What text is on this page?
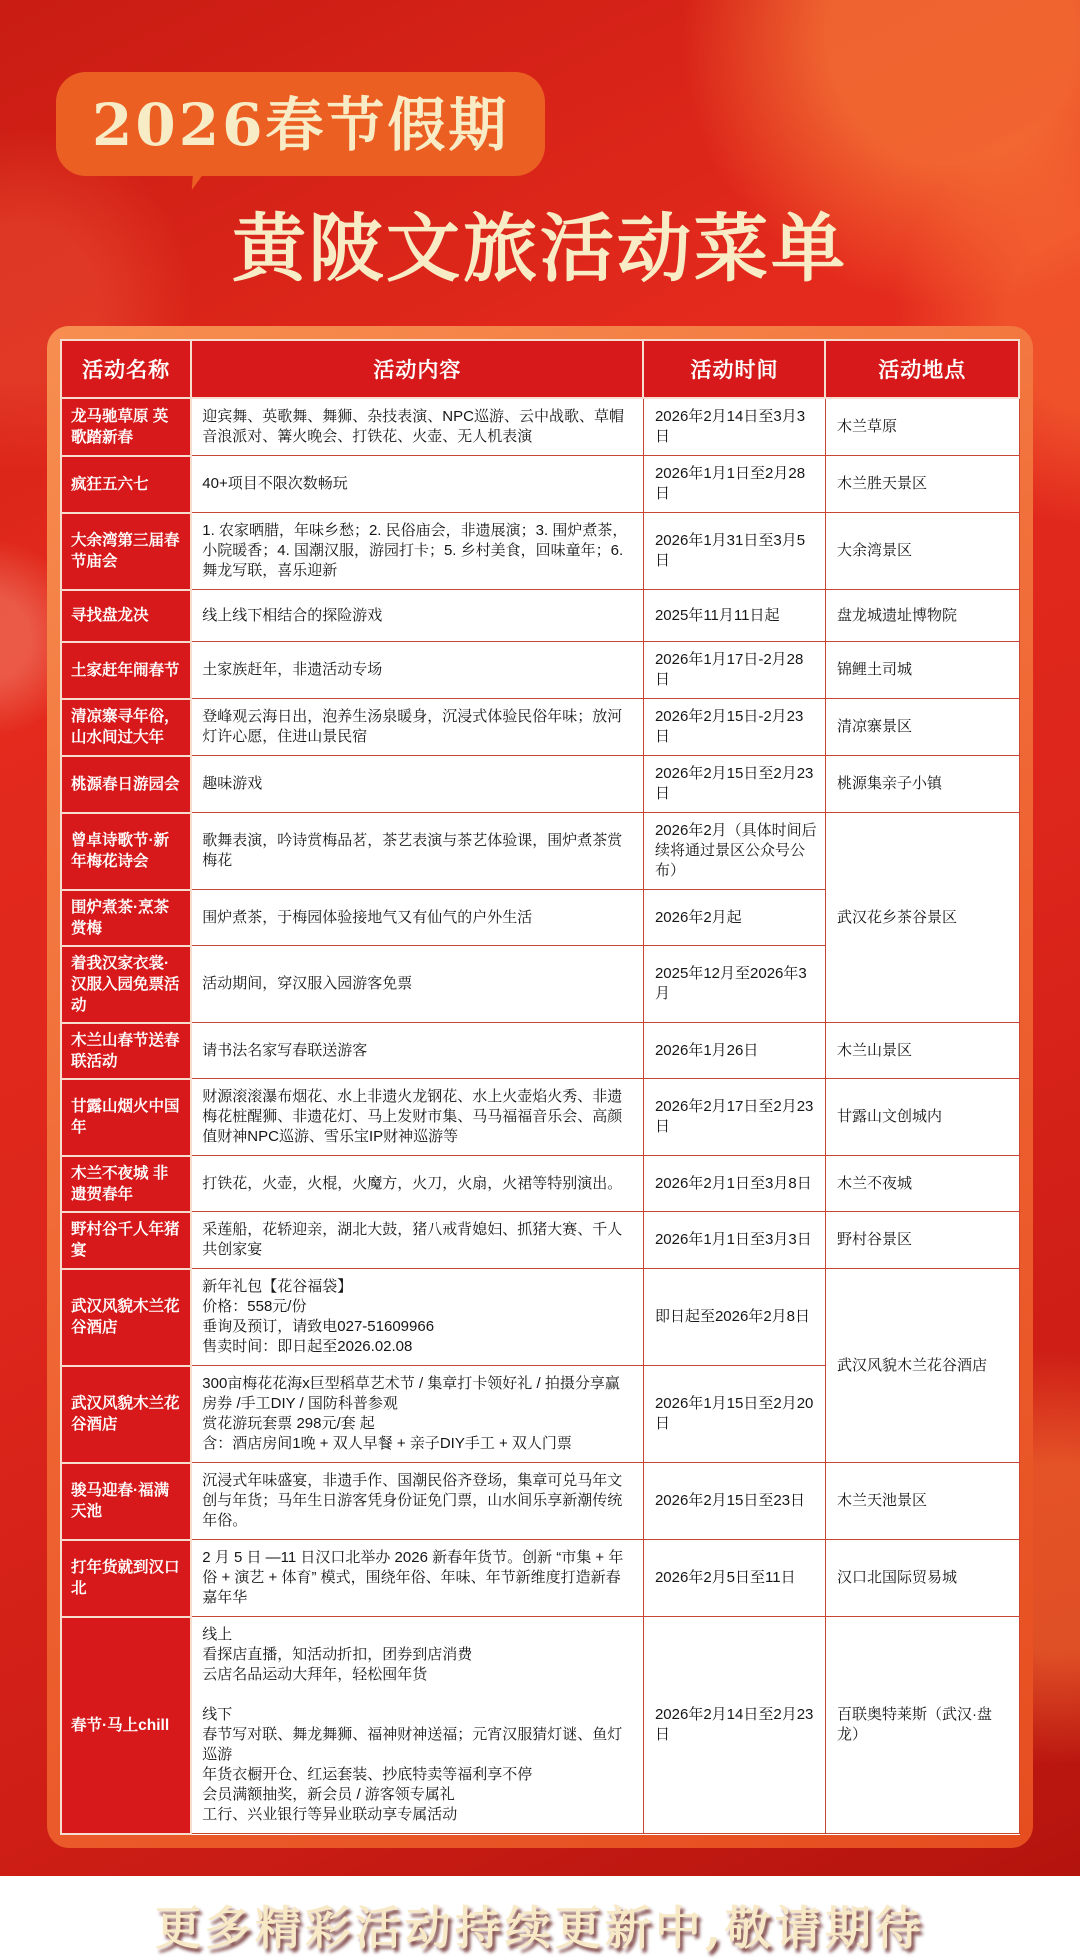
2026春节假期
黄陂文旅活动菜单
活动名称	活动内容	活动时间	活动地点
龙马驰草原 英歌踏新春	迎宾舞、英歌舞、舞狮、杂技表演、NPC巡游、云中战歌、草帽音浪派对、篝火晚会、打铁花、火壶、无人机表演	2026年2月14日至3月3日	木兰草原
疯狂五六七	40+项目不限次数畅玩	2026年1月1日至2月28日	木兰胜天景区
大余湾第三届春节庙会	1. 农家晒腊，年味乡愁；2. 民俗庙会，非遗展演；3. 围炉煮茶，小院暖香；4. 国潮汉服，游园打卡；5. 乡村美食，回味童年；6. 舞龙写联，喜乐迎新	2026年1月31日至3月5日	大余湾景区
寻找盘龙决	线上线下相结合的探险游戏	2025年11月11日起	盘龙城遗址博物院
土家赶年闹春节	土家族赶年，非遗活动专场	2026年1月17日-2月28日	锦鲤土司城
清凉寨寻年俗，山水间过大年	登峰观云海日出，泡养生汤泉暖身，沉浸式体验民俗年味；放河灯许心愿，住进山景民宿	2026年2月15日-2月23日	清凉寨景区
桃源春日游园会	趣味游戏	2026年2月15日至2月23日	桃源集亲子小镇
曾卓诗歌节·新年梅花诗会	歌舞表演，吟诗赏梅品茗，茶艺表演与茶艺体验课，围炉煮茶赏梅花	2026年2月（具体时间后续将通过景区公众号公布）	武汉花乡茶谷景区
围炉煮茶·烹茶赏梅	围炉煮茶，于梅园体验接地气又有仙气的户外生活	2026年2月起	
着我汉家衣裳·汉服入园免票活动	活动期间，穿汉服入园游客免票	2025年12月至2026年3月	
木兰山春节送春联活动	请书法名家写春联送游客	2026年1月26日	木兰山景区
甘露山烟火中国年	财源滚滚瀑布烟花、水上非遗火龙钢花、水上火壶焰火秀、非遗梅花桩醒狮、非遗花灯、马上发财市集、马马福福音乐会、高颜值财神NPC巡游、雪乐宝IP财神巡游等	2026年2月17日至2月23日	甘露山文创城内
木兰不夜城 非遗贺春年	打铁花，火壶，火棍，火魔方，火刀，火扇，火裙等特别演出。	2026年2月1日至3月8日	木兰不夜城
野村谷千人年猪宴	采莲船，花轿迎亲，湖北大鼓，猪八戒背媳妇、抓猪大赛、千人共创家宴	2026年1月1日至3月3日	野村谷景区
武汉风貌木兰花谷酒店	新年礼包【花谷福袋】
价格：558元/份
垂询及预订，请致电027-51609966
售卖时间：即日起至2026.02.08	即日起至2026年2月8日	武汉风貌木兰花谷酒店
武汉风貌木兰花谷酒店	300亩梅花花海x巨型稻草艺术节 / 集章打卡领好礼 / 拍摄分享赢房券 /手工DIY / 国防科普参观
赏花游玩套票 298元/套 起
含：酒店房间1晚 + 双人早餐 + 亲子DIY手工 + 双人门票	2026年1月15日至2月20日	
骏马迎春·福满天池	沉浸式年味盛宴，非遗手作、国潮民俗齐登场，集章可兑马年文创与年货；马年生日游客凭身份证免门票，山水间乐享新潮传统年俗。	2026年2月15日至23日	木兰天池景区
打年货就到汉口北	2 月 5 日 —11 日汉口北举办 2026 新春年货节。创新 “市集 + 年俗 + 演艺 + 体育” 模式，围绕年俗、年味、年节新维度打造新春嘉年华	2026年2月5日至11日	汉口北国际贸易城
春节·马上chill	
线上
看探店直播，知活动折扣，团券到店消费
云店名品运动大拜年，轻松囤年货

线下
春节写对联、舞龙舞狮、福神财神送福；元宵汉服猜灯谜、鱼灯巡游
年货衣橱开仓、红运套装、抄底特卖等福利享不停
会员满额抽奖，新会员 / 游客领专属礼
工行、兴业银行等异业联动享专属活动
	2026年2月14日至2月23日	百联奥特莱斯（武汉·盘龙）
更多精彩活动持续更新中,敬请期待
